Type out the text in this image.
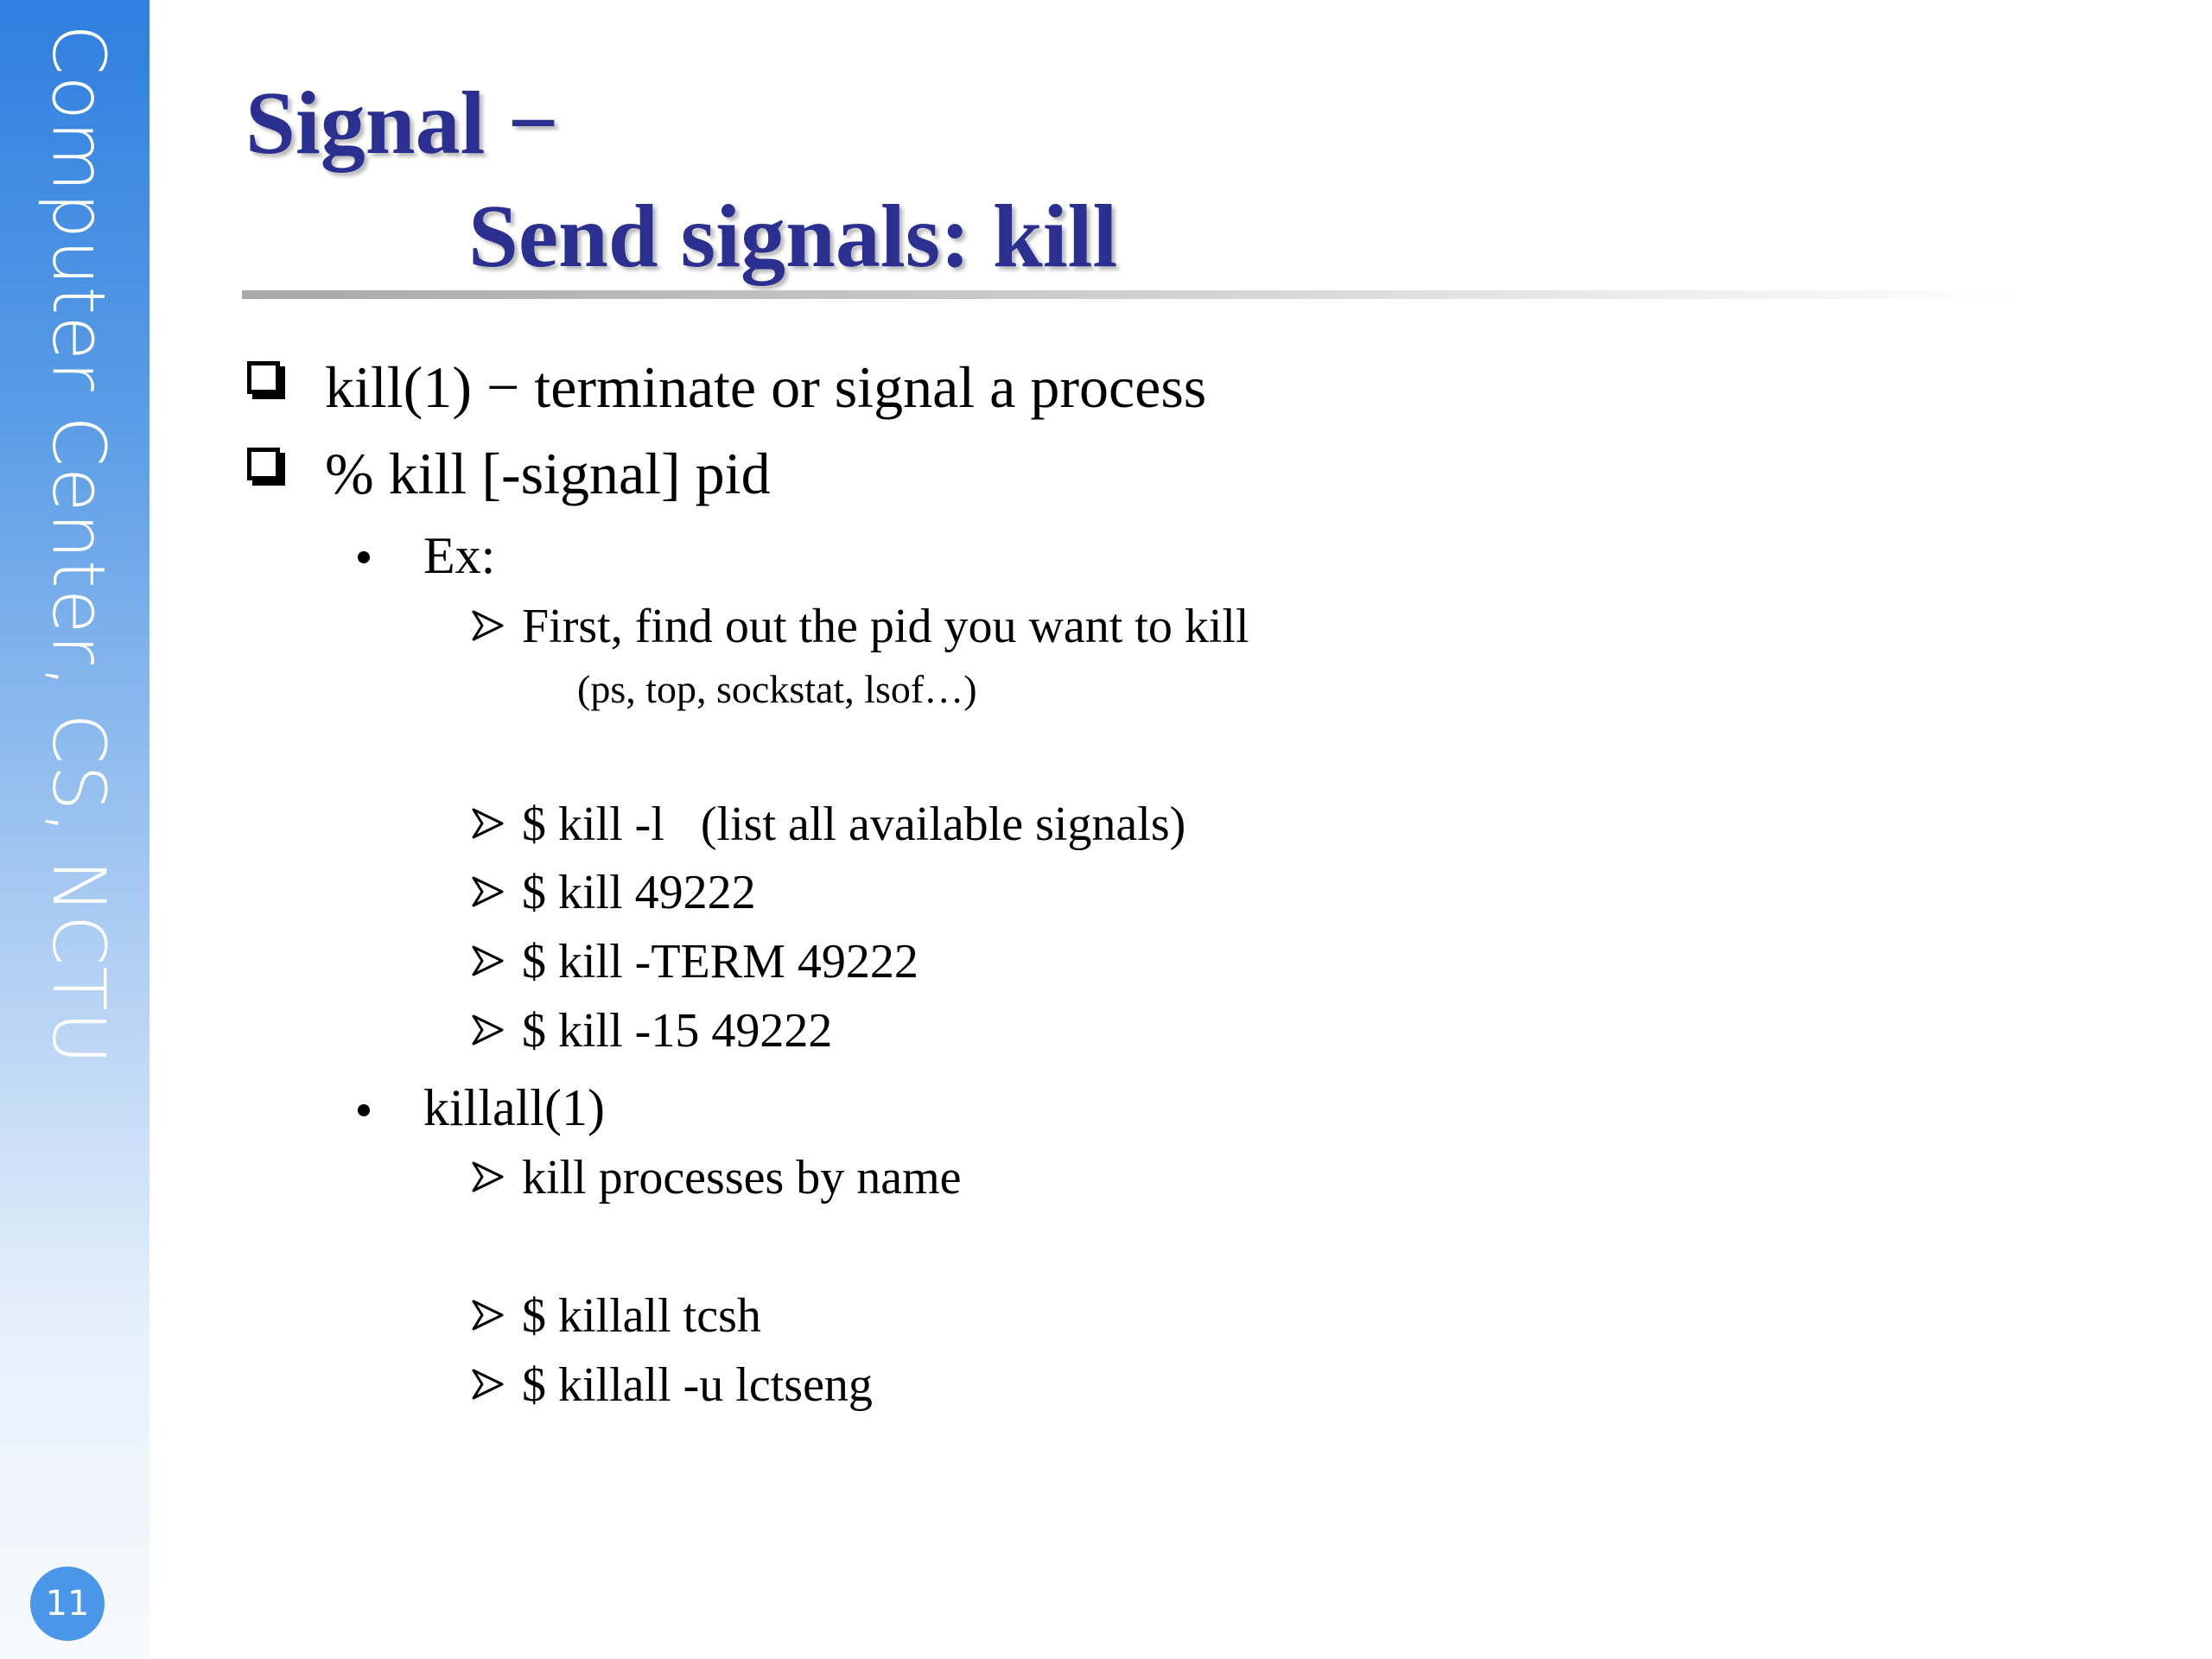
Computer Center, CS, NCTU
11
Signal −
Send signals: kill
kill(1) − terminate or signal a process
% kill [-signal] pid
Ex:
First, find out the pid you want to kill
(ps, top, sockstat, lsof…)
$ kill -l   (list all available signals)
$ kill 49222
$ kill -TERM 49222
$ kill -15 49222
killall(1)
kill processes by name
$ killall tcsh
$ killall -u lctseng
